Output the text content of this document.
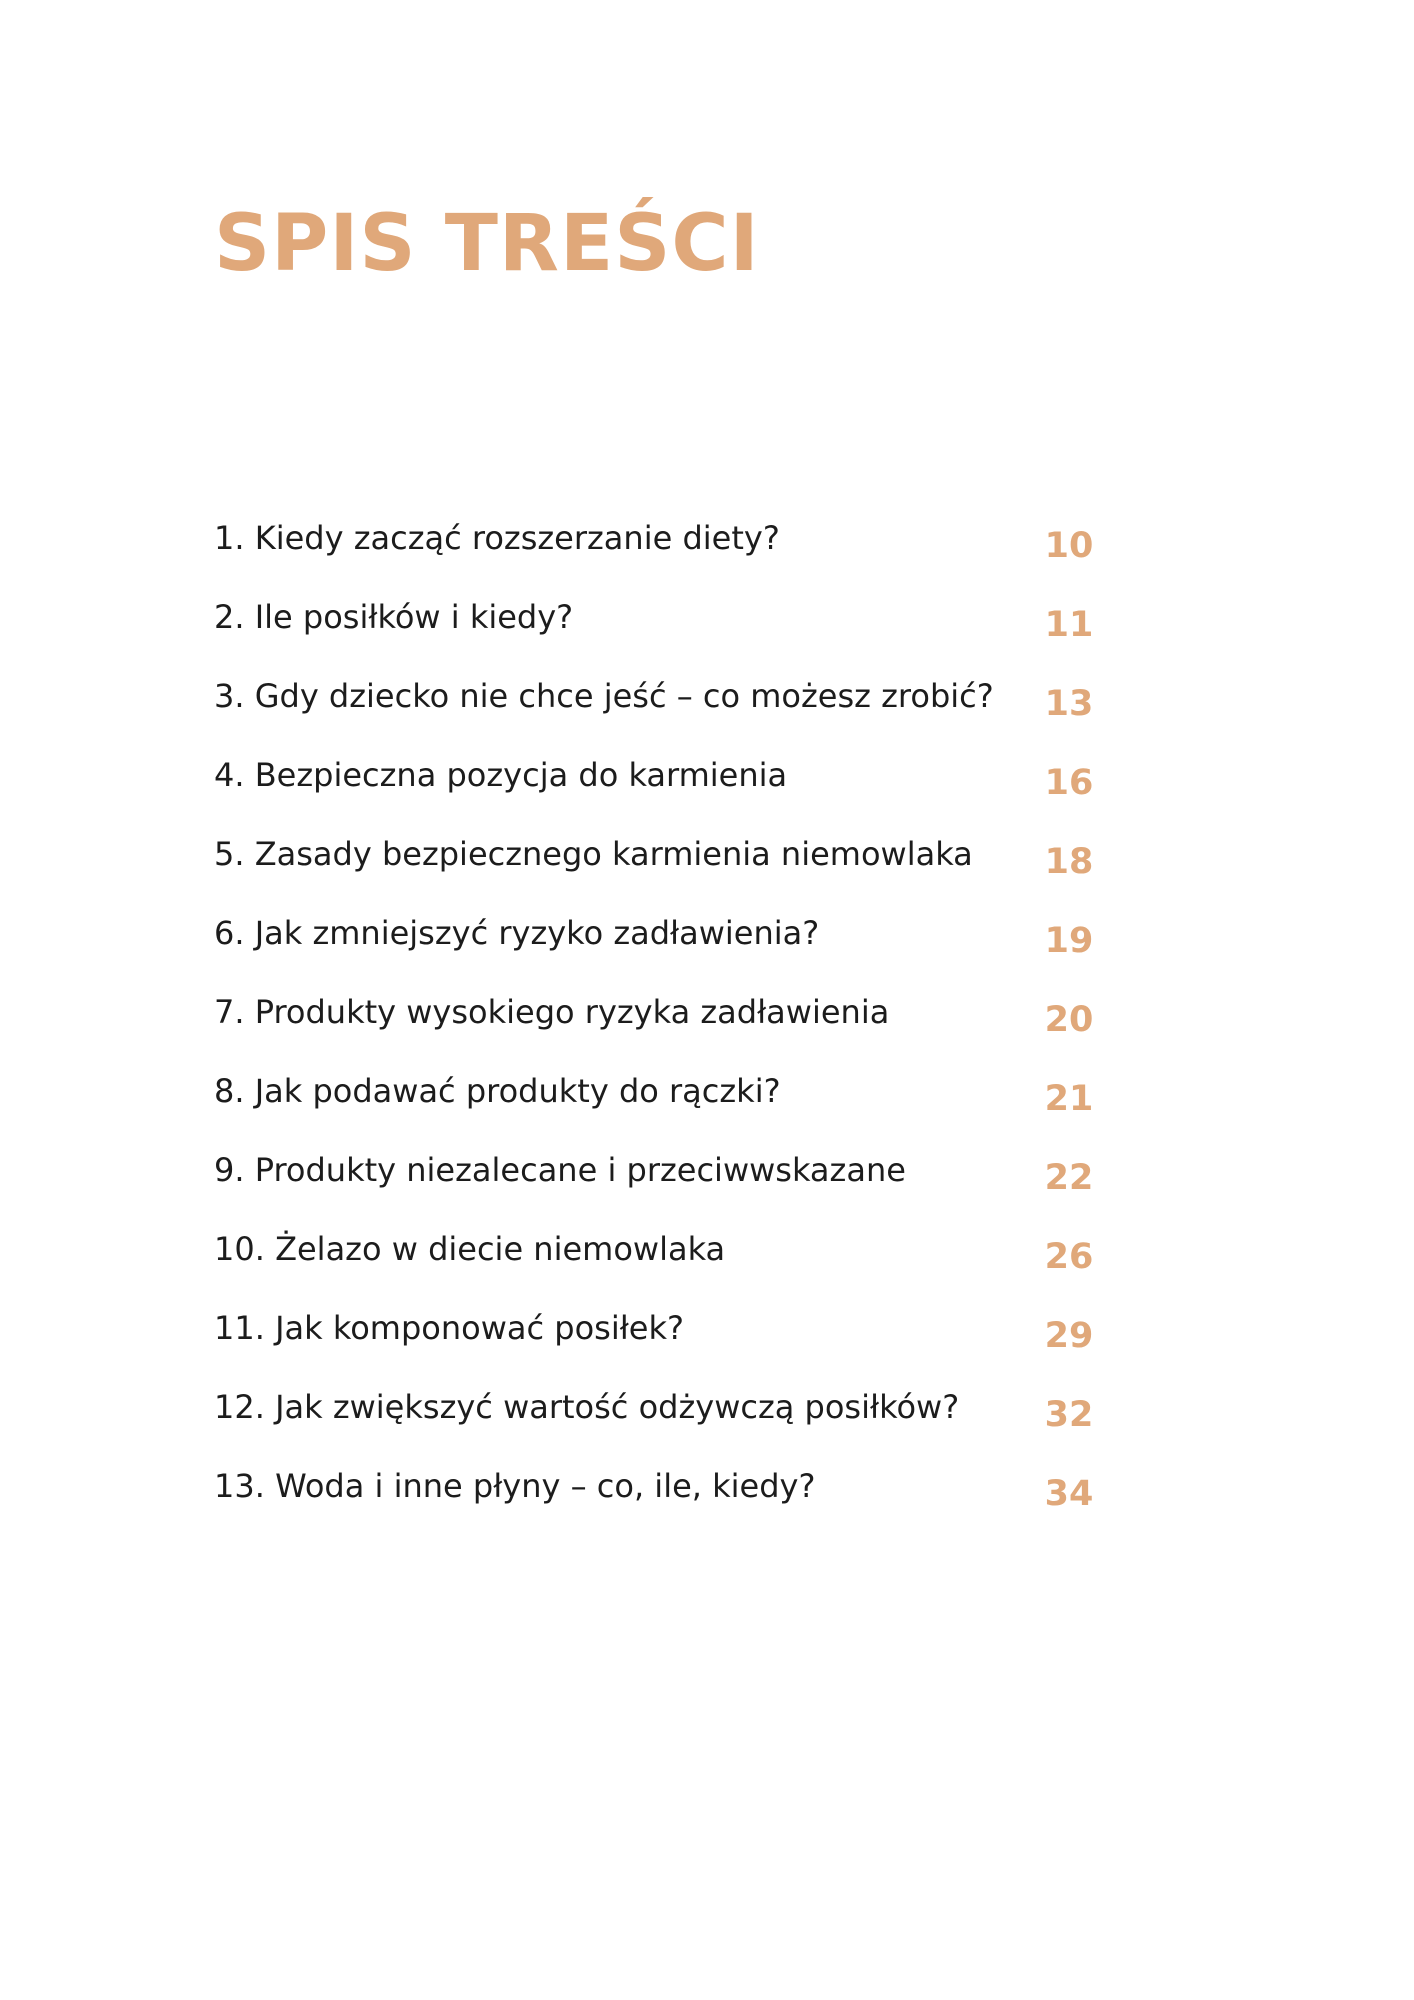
SPIS TREŚCI
1. Kiedy zacząć rozszerzanie diety?	10
2. Ile posiłków i kiedy?	11
3. Gdy dziecko nie chce jeść – co możesz zrobić?	13
4. Bezpieczna pozycja do karmienia	16
5. Zasady bezpiecznego karmienia niemowlaka	18
6. Jak zmniejszyć ryzyko zadławienia?	19
7. Produkty wysokiego ryzyka zadławienia	20
8. Jak podawać produkty do rączki?	21
9. Produkty niezalecane i przeciwwskazane	22
10. Żelazo w diecie niemowlaka	26
11. Jak komponować posiłek?	29
12. Jak zwiększyć wartość odżywczą posiłków?	32
13. Woda i inne płyny – co, ile, kiedy?	34
